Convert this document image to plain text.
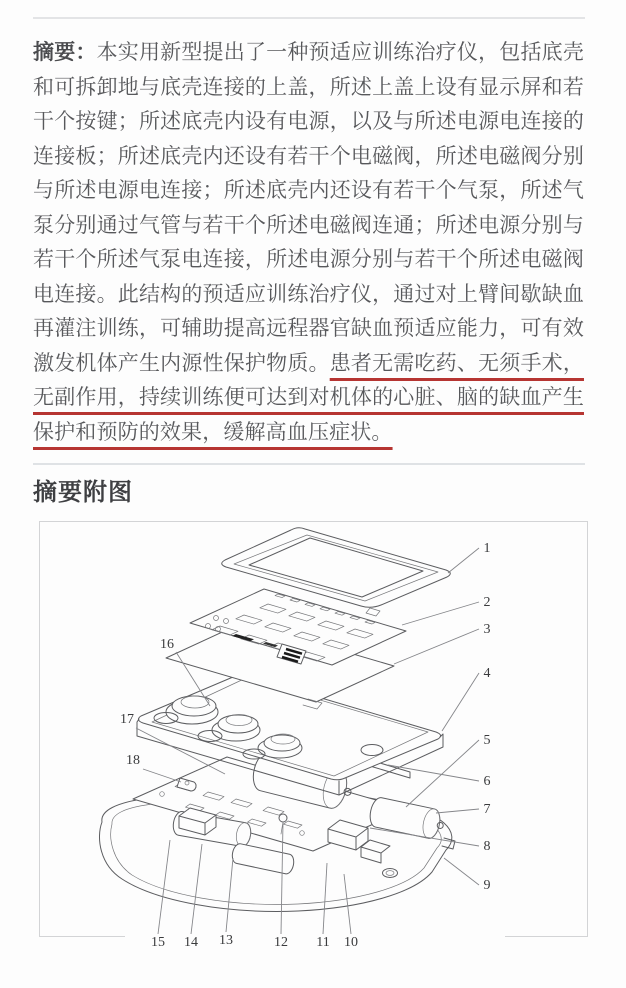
摘要：本实用新型提出了一种预适应训练治疗仪，包括底壳和可拆卸地与底壳连接的上盖，所述上盖上设有显示屏和若干个按键；所述底壳内设有电源，以及与所述电源电连接的连接板；所述底壳内还设有若干个电磁阀，所述电磁阀分别与所述电源电连接；所述底壳内还设有若干个气泵，所述气泵分别通过气管与若干个所述电磁阀连通；所述电源分别与若干个所述气泵电连接，所述电源分别与若干个所述电磁阀电连接。此结构的预适应训练治疗仪，通过对上臂间歇缺血再灌注训练，可辅助提高远程器官缺血预适应能力，可有效激发机体产生内源性保护物质。患者无需吃药、无须手术，无副作用，持续训练便可达到对机体的心脏、脑的缺血产生保护和预防的效果，缓解高血压症状。

摘要附图
1
2
3
4
5
6
7
8
9
10
11
12
13
14
15
16
17
18
